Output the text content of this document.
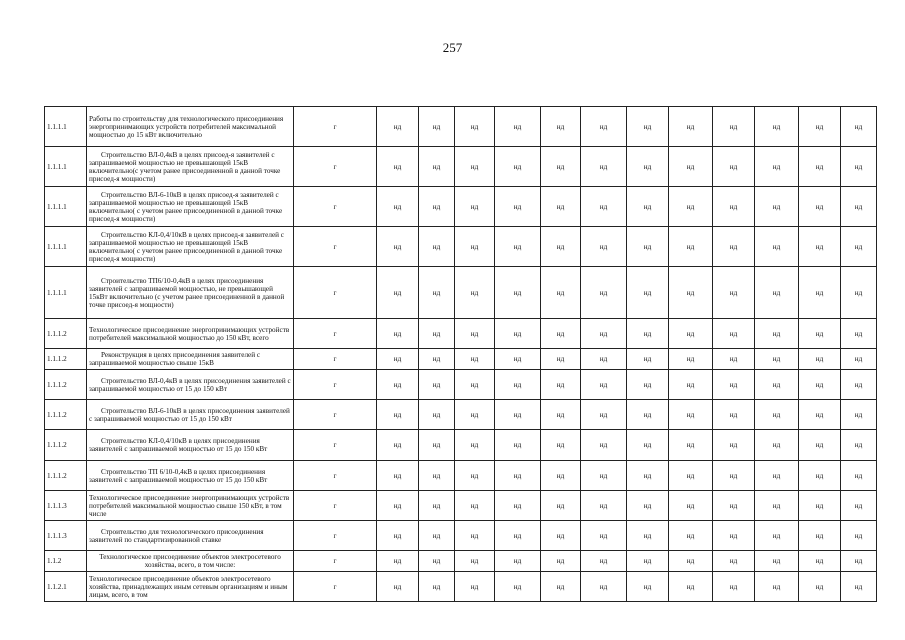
257
1.1.1.1	Работы по строительству для технологического присоединения энергопринимающих устройств потребителей максимальной мощностью до 15 кВт включительно	г	нд	нд	нд	нд	нд	нд	нд	нд	нд	нд	нд	нд	
1.1.1.1	Строительство ВЛ-0,4кВ в целях присоед-я заявителей с запрашиваемой мощностью не превышающей 15кВ включительно(с учетом ранее присоединенной в данной точке присоед-я мощности)	г	нд	нд	нд	нд	нд	нд	нд	нд	нд	нд	нд	нд	
1.1.1.1	Строительство ВЛ-6-10кВ в целях присоед-я заявителей с запрашиваемой мощностью не превышающей 15кВ включительно( с учетом ранее присоединенной в данной точке присоед-я мощности)	г	нд	нд	нд	нд	нд	нд	нд	нд	нд	нд	нд	нд	
1.1.1.1	Строительство КЛ-0,4/10кВ в целях присоед-я заявителей с запрашиваемой мощностью не превышающей 15кВ включительно( с учетом ранее присоединенной в данной точке присоед-я мощности)	г	нд	нд	нд	нд	нд	нд	нд	нд	нд	нд	нд	нд	
1.1.1.1	Строительство ТП6/10-0,4кВ в целях присоединения заявителей с запрашиваемой мощностью, не превышающей 15кВт включительно (с учетом ранее присоединенной в данной точке присоед-я мощности)	г	нд	нд	нд	нд	нд	нд	нд	нд	нд	нд	нд	нд	
1.1.1.2	Технологическое присоединение энергопринимающих устройств потребителей максимальной мощностью до 150 кВт, всего	г	нд	нд	нд	нд	нд	нд	нд	нд	нд	нд	нд	нд	
1.1.1.2	Реконструкция в целях присоединения заявителей с запрашиваемой мощностью свыше 15кВ	г	нд	нд	нд	нд	нд	нд	нд	нд	нд	нд	нд	нд	
1.1.1.2	Строительство ВЛ-0,4кВ в целях присоединения заявителей с запрашиваемой мощностью от 15 до 150 кВт	г	нд	нд	нд	нд	нд	нд	нд	нд	нд	нд	нд	нд	
1.1.1.2	Строительство ВЛ-6-10кВ в целях присоединения заявителей с запрашиваемой мощностью от 15 до 150 кВт	г	нд	нд	нд	нд	нд	нд	нд	нд	нд	нд	нд	нд	
1.1.1.2	Строительство КЛ-0,4/10кВ в целях присоединения заявителей с запрашиваемой мощностью от 15 до 150 кВт	г	нд	нд	нд	нд	нд	нд	нд	нд	нд	нд	нд	нд	
1.1.1.2	Строительство ТП 6/10-0,4кВ в целях присоединения заявителей с запрашиваемой мощностью от 15 до 150 кВт	г	нд	нд	нд	нд	нд	нд	нд	нд	нд	нд	нд	нд	
1.1.1.3	Технологическое присоединение энергопринимающих устройств потребителей максимальной мощностью свыше 150 кВт, в том числе	г	нд	нд	нд	нд	нд	нд	нд	нд	нд	нд	нд	нд	
1.1.1.3	Строительство для технологического присоединения заявителей по стандартизированной ставке	г	нд	нд	нд	нд	нд	нд	нд	нд	нд	нд	нд	нд	
1.1.2	Технологическое присоединение объектов электросетевого хозяйства, всего, в том числе:	г	нд	нд	нд	нд	нд	нд	нд	нд	нд	нд	нд	нд	
1.1.2.1	Технологическое присоединение объектов электросетевого хозяйства, принадлежащих иным сетевым организациям и иным лицам, всего, в том	г	нд	нд	нд	нд	нд	нд	нд	нд	нд	нд	нд	нд	
